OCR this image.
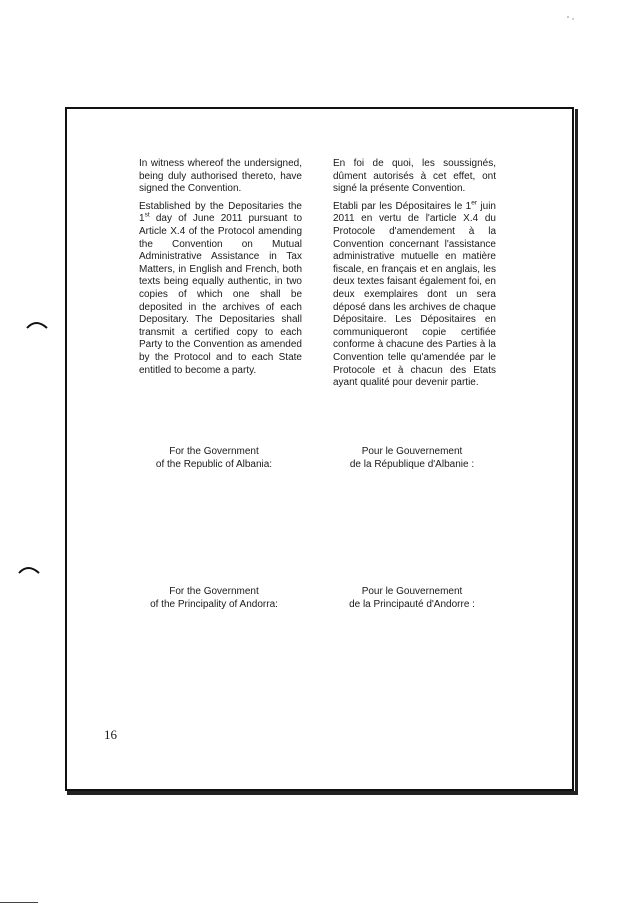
In witness whereof the undersigned, being duly authorised thereto, have signed the Convention.

Established by the Depositaries the 1st day of June 2011 pursuant to Article X.4 of the Protocol amending the Convention on Mutual Administrative Assistance in Tax Matters, in English and French, both texts being equally authentic, in two copies of which one shall be deposited in the archives of each Depositary. The Depositaries shall transmit a certified copy to each Party to the Convention as amended by the Protocol and to each State entitled to become a party.

En foi de quoi, les soussignés, dûment autorisés à cet effet, ont signé la présente Convention.

Etabli par les Dépositaires le 1er juin 2011 en vertu de l'article X.4 du Protocole d'amendement à la Convention concernant l'assistance administrative mutuelle en matière fiscale, en français et en anglais, les deux textes faisant également foi, en deux exemplaires dont un sera déposé dans les archives de chaque Dépositaire. Les Dépositaires en communiqueront copie certifiée conforme à chacune des Parties à la Convention telle qu'amendée par le Protocole et à chacun des Etats ayant qualité pour devenir partie.

For the Government
of the Republic of Albania:
Pour le Gouvernement
de la République d'Albanie :
For the Government
of the Principality of Andorra:
Pour le Gouvernement
de la Principauté d'Andorre :
16
